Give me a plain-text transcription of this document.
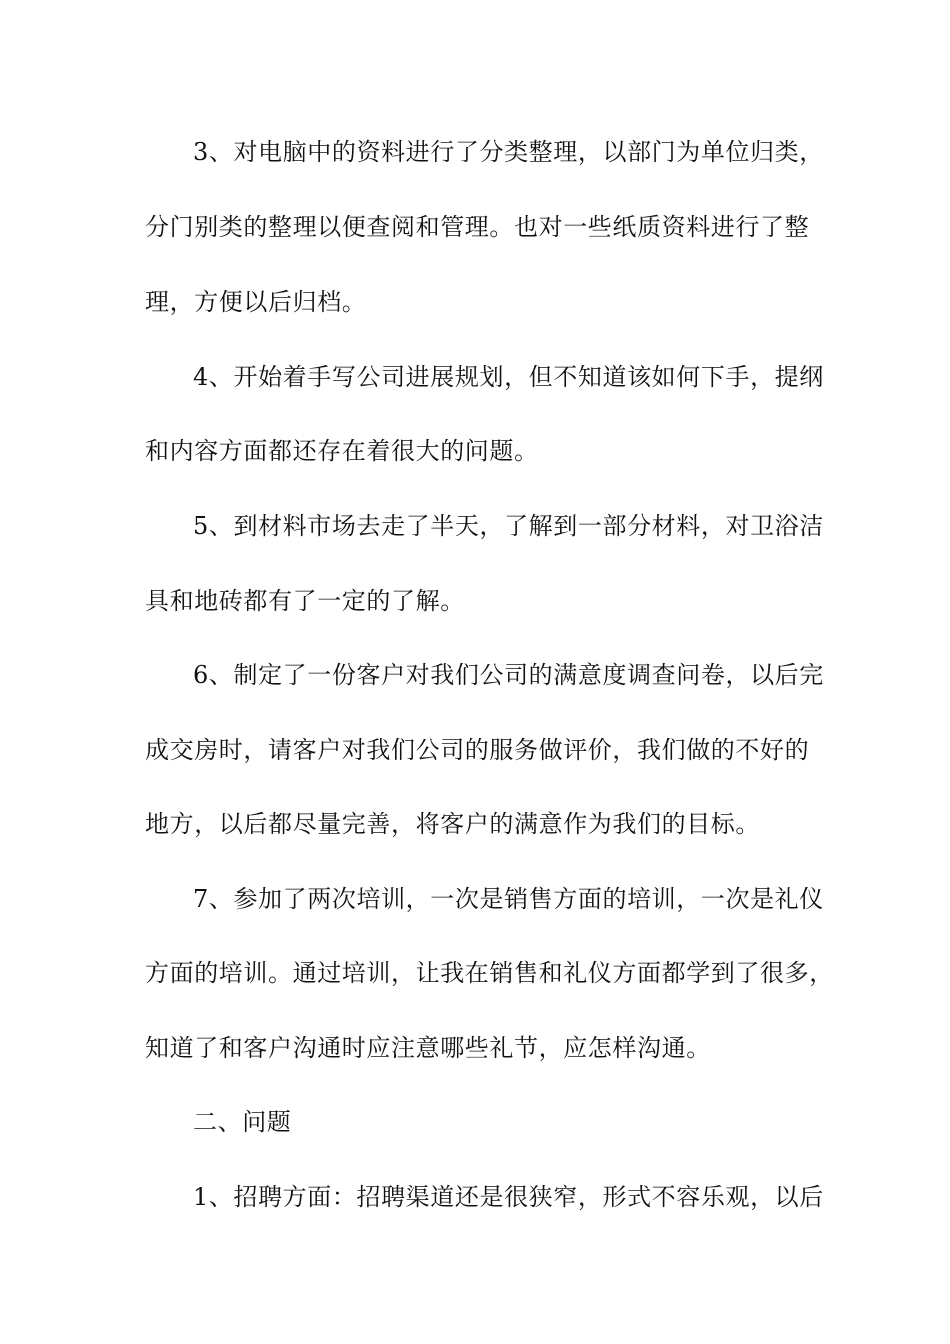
3、对电脑中的资料进行了分类整理，以部门为单位归类，
分门别类的整理以便查阅和管理。也对一些纸质资料进行了整
理，方便以后归档。
4、开始着手写公司进展规划，但不知道该如何下手，提纲
和内容方面都还存在着很大的问题。
5、到材料市场去走了半天，了解到一部分材料，对卫浴洁
具和地砖都有了一定的了解。
6、制定了一份客户对我们公司的满意度调查问卷，以后完
成交房时，请客户对我们公司的服务做评价，我们做的不好的
地方，以后都尽量完善，将客户的满意作为我们的目标。
7、参加了两次培训，一次是销售方面的培训，一次是礼仪
方面的培训。通过培训，让我在销售和礼仪方面都学到了很多，
知道了和客户沟通时应注意哪些礼节，应怎样沟通。
二、问题
1、招聘方面：招聘渠道还是很狭窄，形式不容乐观，以后
